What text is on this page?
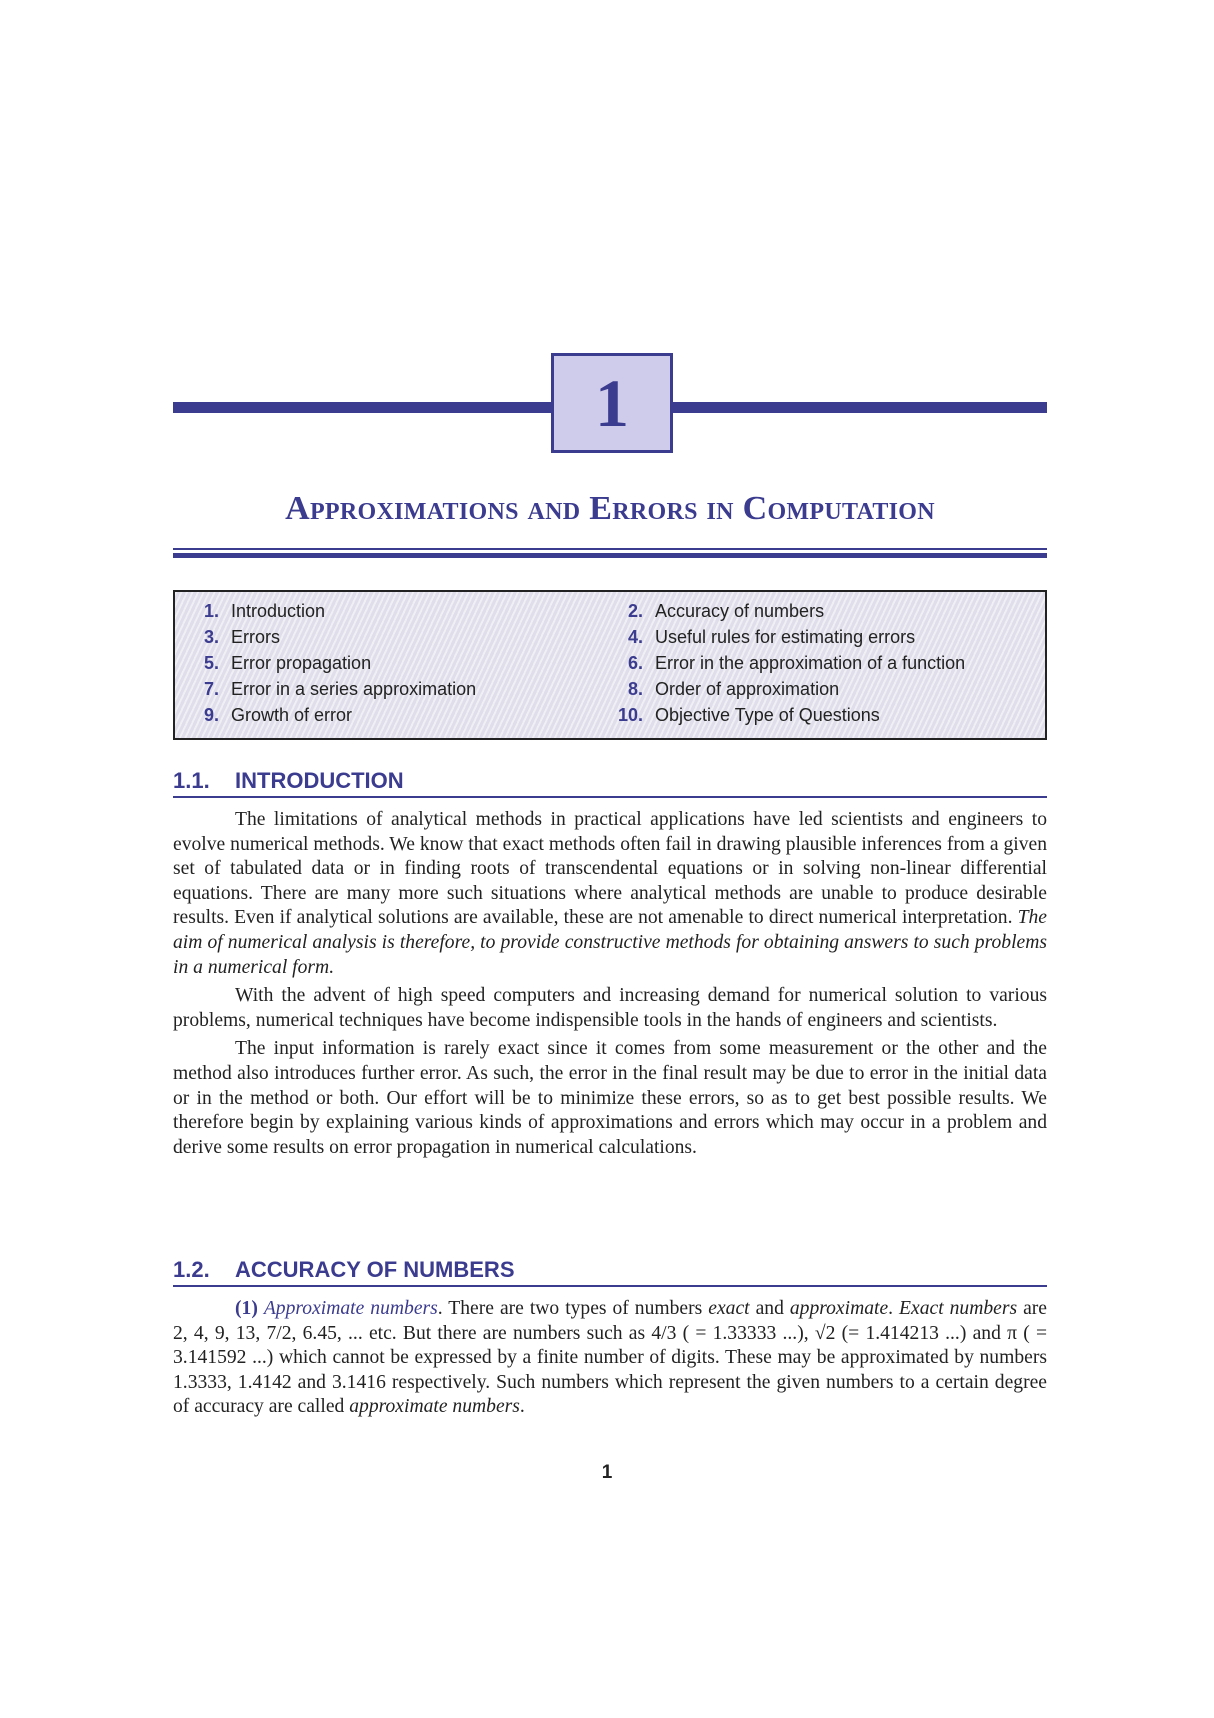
1
Approximations and Errors in Computation
1. Introduction	2. Accuracy of numbers
3. Errors	4. Useful rules for estimating errors
5. Error propagation	6. Error in the approximation of a function
7. Error in a series approximation	8. Order of approximation
9. Growth of error	10. Objective Type of Questions
1.1. INTRODUCTION

The limitations of analytical methods in practical applications have led scientists and engineers to evolve numerical methods. We know that exact methods often fail in drawing plausible inferences from a given set of tabulated data or in finding roots of transcendental equations or in solving non-linear differential equations. There are many more such situations where analytical methods are unable to produce desirable results. Even if analytical solutions are available, these are not amenable to direct numerical interpretation. The aim of numerical analysis is therefore, to provide constructive methods for obtaining answers to such problems in a numerical form.

With the advent of high speed computers and increasing demand for numerical solution to various problems, numerical techniques have become indispensible tools in the hands of engineers and scientists.

The input information is rarely exact since it comes from some measurement or the other and the method also introduces further error. As such, the error in the final result may be due to error in the initial data or in the method or both. Our effort will be to minimize these errors, so as to get best possible results. We therefore begin by explaining various kinds of approximations and errors which may occur in a problem and derive some results on error propagation in numerical calculations.

1.2. ACCURACY OF NUMBERS

(1) Approximate numbers. There are two types of numbers exact and approximate. Exact numbers are 2, 4, 9, 13, 7/2, 6.45, ... etc. But there are numbers such as 4/3 ( = 1.33333 ...), √2 (= 1.414213 ...) and π ( = 3.141592 ...) which cannot be expressed by a finite number of digits. These may be approximated by numbers 1.3333, 1.4142 and 3.1416 respectively. Such numbers which represent the given numbers to a certain degree of accuracy are called approximate numbers.

1
